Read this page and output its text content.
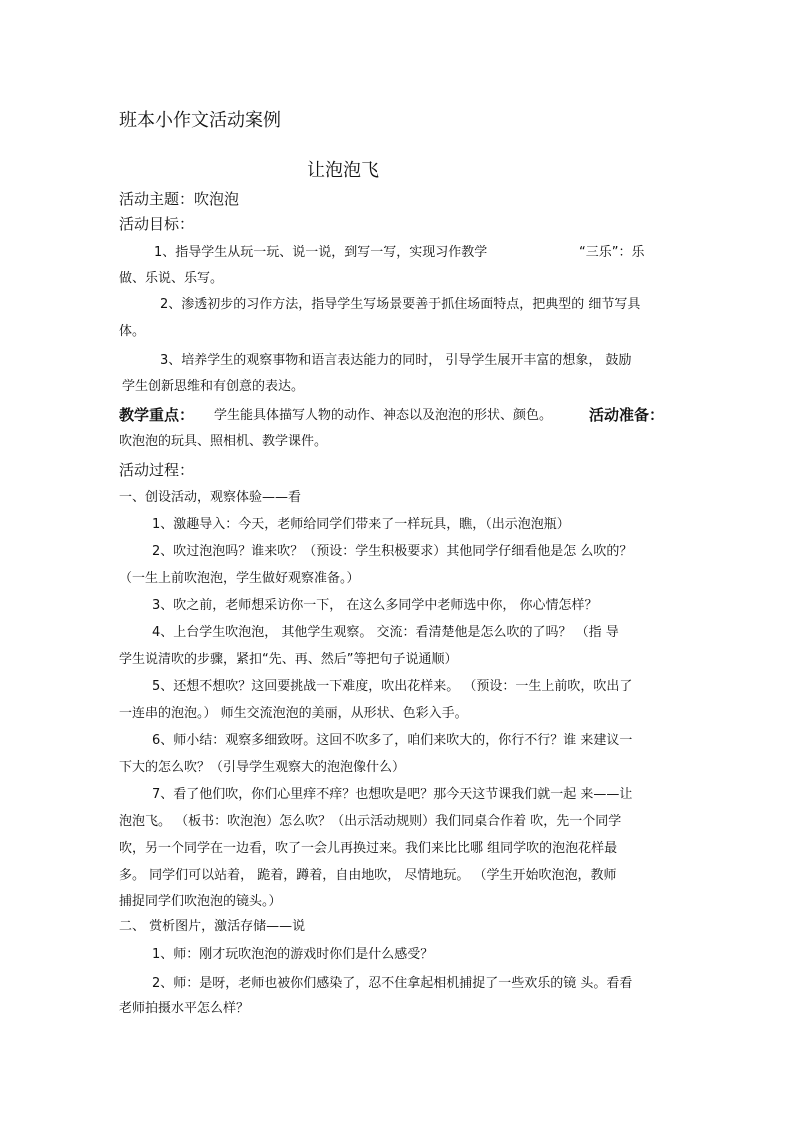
班本小作文活动案例
让泡泡飞
活动主题：吹泡泡
活动目标：
1、指导学生从玩一玩、说一说，到写一写，实现习作教学	“三乐”：乐
做、乐说、乐写。
2、渗透初步的习作方法，指导学生写场景要善于抓住场面特点，把典型的 细节写具
体。
3、培养学生的观察事物和语言表达能力的同时， 引导学生展开丰富的想象， 鼓励
学生创新思维和有创意的表达。
教学重点： 学生能具体描写人物的动作、神态以及泡泡的形状、颜色。 活动准备：
吹泡泡的玩具、照相机、教学课件。
活动过程：
一、创设活动，观察体验——看
1、激趣导入：今天，老师给同学们带来了一样玩具，瞧，（出示泡泡瓶）
2、吹过泡泡吗？谁来吹？（预设：学生积极要求）其他同学仔细看他是怎 么吹的？
（一生上前吹泡泡，学生做好观察准备。）
3、吹之前，老师想采访你一下， 在这么多同学中老师选中你， 你心情怎样？
4、上台学生吹泡泡， 其他学生观察。 交流：看清楚他是怎么吹的了吗？ （指 导
学生说清吹的步骤，紧扣“先、再、然后”等把句子说通顺）
5、还想不想吹？这回要挑战一下难度，吹出花样来。 （预设：一生上前吹，吹出了
一连串的泡泡。） 师生交流泡泡的美丽，从形状、色彩入手。
6、师小结：观察多细致呀。这回不吹多了，咱们来吹大的，你行不行？谁 来建议一
下大的怎么吹？（引导学生观察大的泡泡像什么）
7、看了他们吹，你们心里痒不痒？也想吹是吧？那今天这节课我们就一起 来——让
泡泡飞。 （板书：吹泡泡）怎么吹？（出示活动规则）我们同桌合作着 吹，先一个同学
吹，另一个同学在一边看，吹了一会儿再换过来。我们来比比哪 组同学吹的泡泡花样最
多。 同学们可以站着， 跪着，蹲着，自由地吹， 尽情地玩。 （学生开始吹泡泡，教师
捕捉同学们吹泡泡的镜头。）
二、 赏析图片，激活存储——说
1、师：刚才玩吹泡泡的游戏时你们是什么感受？
2、师：是呀，老师也被你们感染了，忍不住拿起相机捕捉了一些欢乐的镜 头。看看
老师拍摄水平怎么样？
